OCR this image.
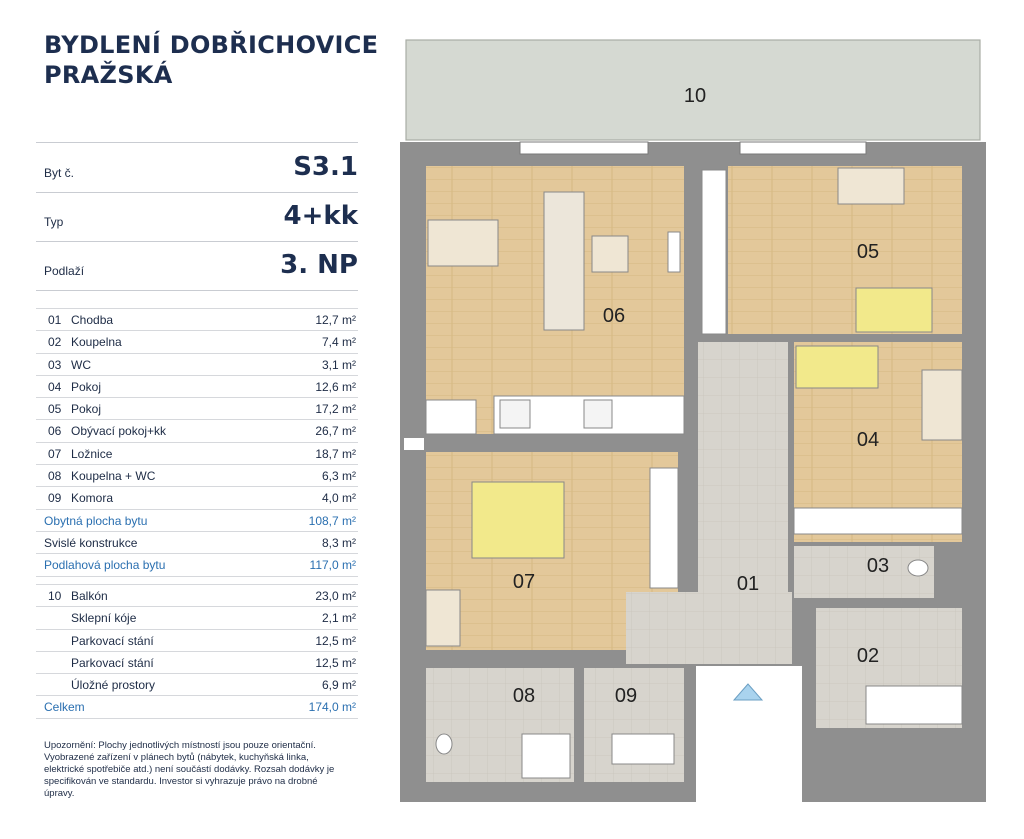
BYDLENÍ DOBŘICHOVICE
PRAŽSKÁ
Byt č.	S3.1
Typ	4+kk
Podlaží	3. NP
01 Chodba	12,7 m²
02 Koupelna	7,4 m²
03 WC	3,1 m²
04 Pokoj	12,6 m²
05 Pokoj	17,2 m²
06 Obývací pokoj+kk	26,7 m²
07 Ložnice	18,7 m²
08 Koupelna + WC	6,3 m²
09 Komora	4,0 m²
Obytná plocha bytu	108,7 m²
Svislé konstrukce	8,3 m²
Podlahová plocha bytu	117,0 m²
10 Balkón	23,0 m²
Sklepní kóje	2,1 m²
Parkovací stání	12,5 m²
Parkovací stání	12,5 m²
Úložné prostory	6,9 m²
Celkem	174,0 m²
Upozornění: Plochy jednotlivých místností jsou pouze orientační. Vyobrazené zařízení v plánech bytů (nábytek, kuchyňská linka, elektrické spotřebiče atd.) není součástí dodávky. Rozsah dodávky je specifikován ve standardu. Investor si vyhrazuje právo na drobné úpravy.
10
06
05
04
07	01
03
02
08	09
